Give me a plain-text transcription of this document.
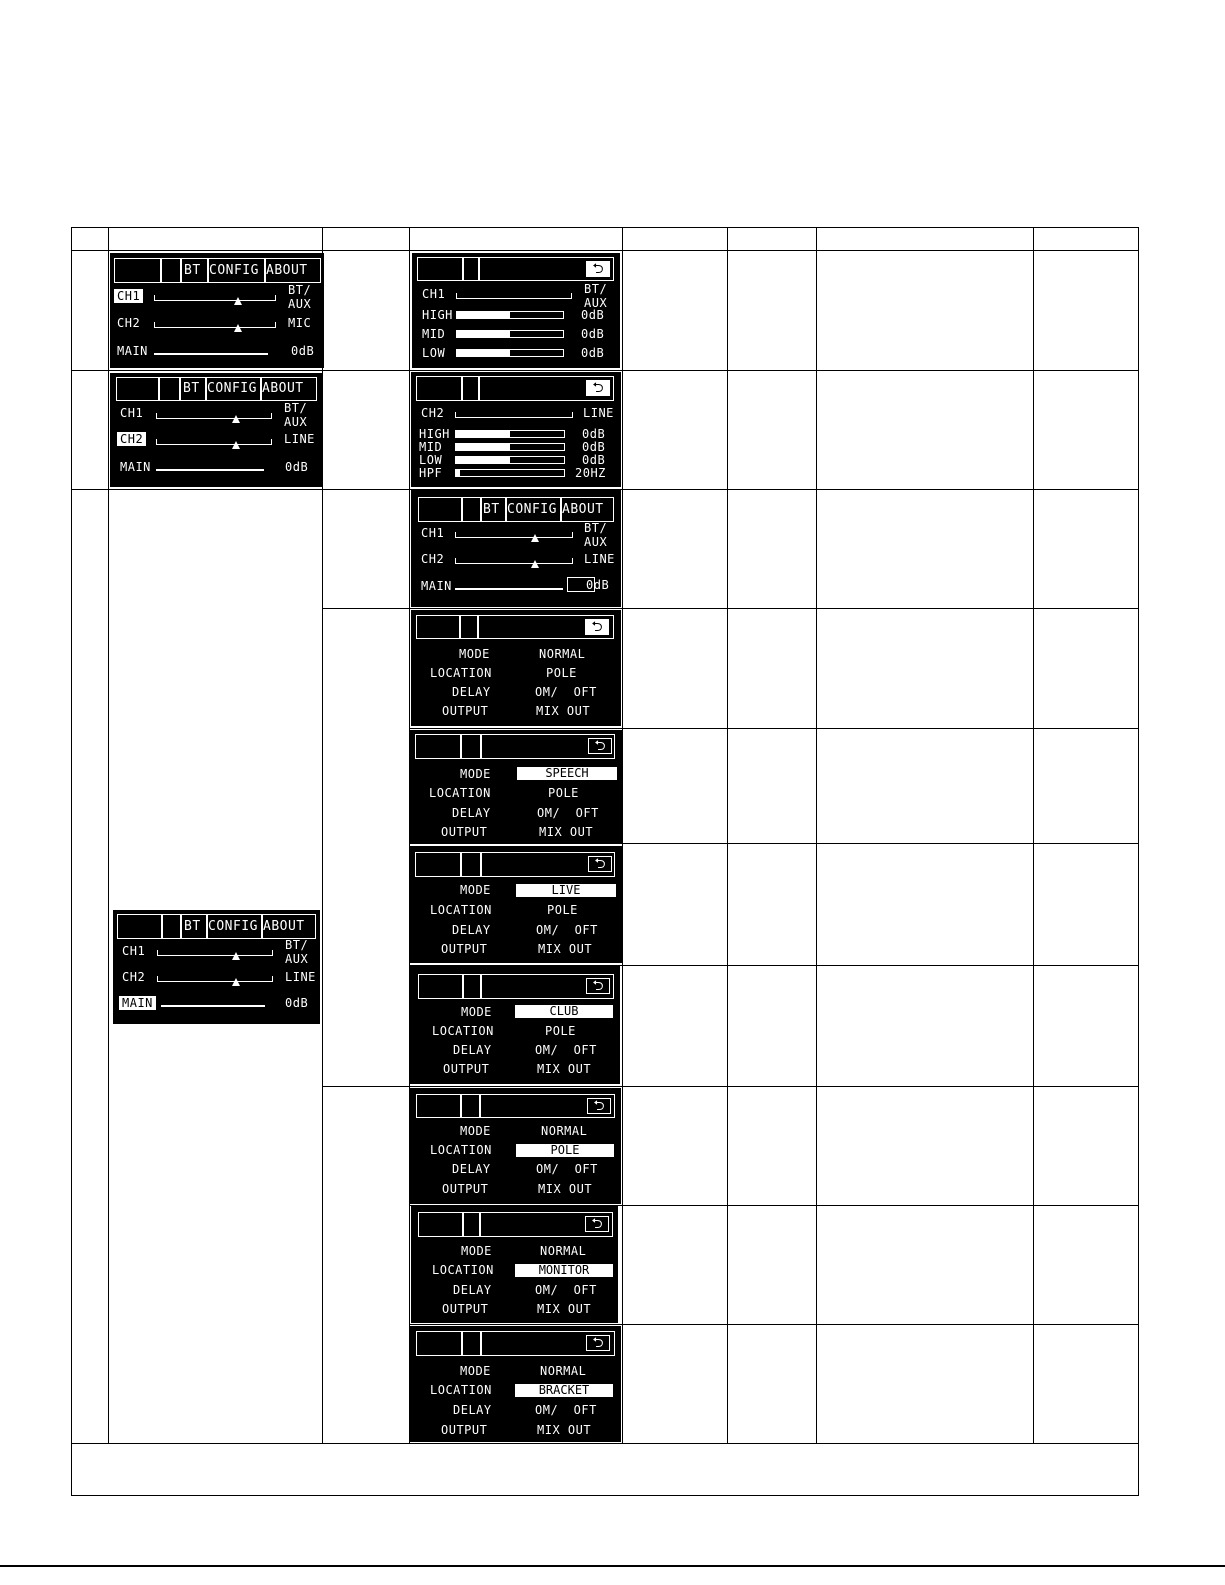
BT CONFIG ABOUT
CH1	BT/
AUX
CH2	MIC
MAIN	0dB
⮌
CH1	BT/
AUX
HIGH	0dB
MID	0dB
LOW	0dB
BT CONFIG ABOUT
CH1	BT/
AUX
CH2	LINE
MAIN	0dB
⮌
CH2	LINE
HIGH	0dB
MID	0dB
LOW	0dB
HPF	20HZ
BT CONFIG ABOUT
CH1	BT/
AUX
CH2	LINE
MAIN	0dB
BT CONFIG ABOUT
CH1	BT/
AUX
CH2	LINE
MAIN	0dB
⮌
MODE	NORMAL
LOCATION	POLE
DELAY	OM/  OFT
OUTPUT	MIX OUT
⮌
MODE	SPEECH
LOCATION	POLE
DELAY	OM/  OFT
OUTPUT	MIX OUT
⮌
MODE	LIVE
LOCATION	POLE
DELAY	OM/  OFT
OUTPUT	MIX OUT
⮌
MODE	CLUB
LOCATION	POLE
DELAY	OM/  OFT
OUTPUT	MIX OUT
⮌
MODE	NORMAL
LOCATION	POLE
DELAY	OM/  OFT
OUTPUT	MIX OUT
⮌
MODE	NORMAL
LOCATION	MONITOR
DELAY	OM/  OFT
OUTPUT	MIX OUT
⮌
MODE	NORMAL
LOCATION	BRACKET
DELAY	OM/  OFT
OUTPUT	MIX OUT
